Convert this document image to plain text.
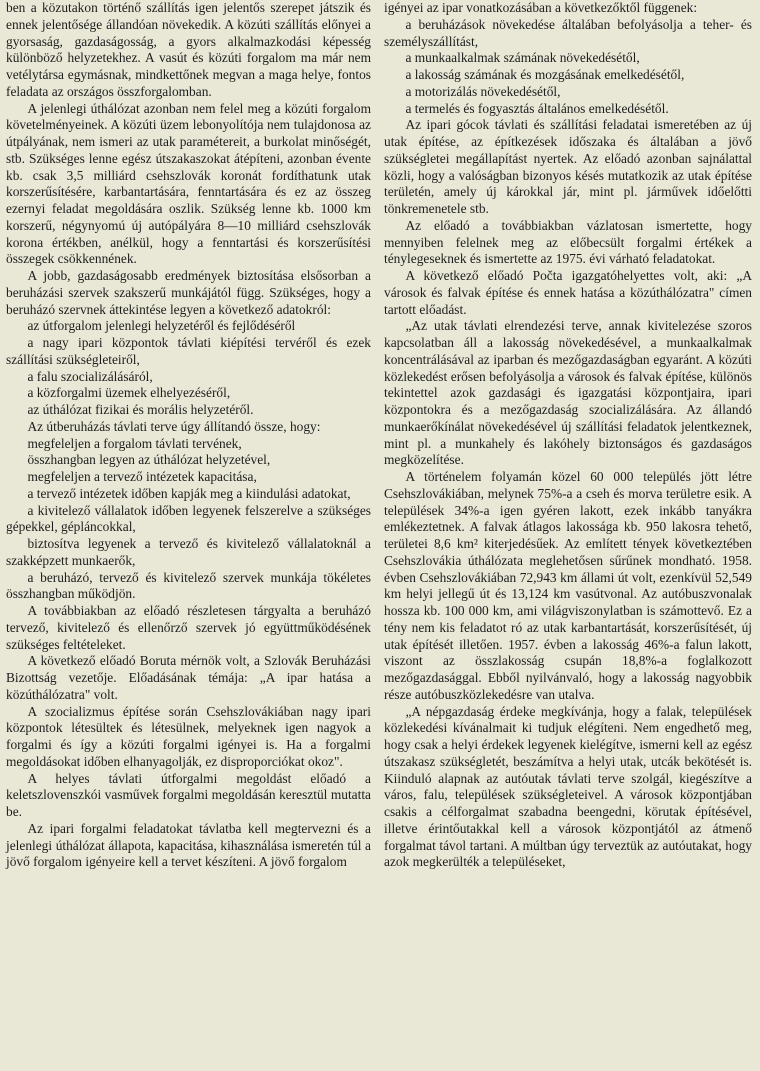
ben a közutakon történő szállítás igen jelentős szerepet játszik és ennek jelentősége állandóan növekedik. A közúti szállítás előnyei a gyorsaság, gazdaságosság, a gyors alkalmazkodási képesség különböző helyzetekhez. A vasút és közúti forgalom ma már nem vetélytársa egymásnak, mindkettőnek megvan a maga helye, fontos feladata az országos összforgalomban.

A jelenlegi úthálózat azonban nem felel meg a közúti forgalom követelményeinek. A közúti üzem lebonyolítója nem tulajdonosa az útpályának, nem ismeri az utak paramétereit, a burkolat minőségét, stb. Szükséges lenne egész útszakaszokat átépíteni, azonban évente kb. csak 3,5 milliárd csehszlovák koronát fordíthatunk utak korszerűsítésére, karbantartására, fenntartására és ez az összeg ezernyi feladat megoldására oszlik. Szükség lenne kb. 1000 km korszerű, négynyomú új autópályára 8—10 milliárd csehszlovák korona értékben, anélkül, hogy a fenntartási és korszerűsítési összegek csökkennének.

A jobb, gazdaságosabb eredmények biztosítása elsősorban a beruházási szervek szakszerű munkájától függ. Szükséges, hogy a beruházó szervnek áttekintése legyen a következő adatokról:

az útforgalom jelenlegi helyzetéről és fejlődéséről

a nagy ipari központok távlati kiépítési tervéről és ezek szállítási szükségleteiről,

a falu szocializálásáról,

a közforgalmi üzemek elhelyezéséről,

az úthálózat fizikai és morális helyzetéről.

Az útberuházás távlati terve úgy állítandó össze, hogy:

megfeleljen a forgalom távlati tervének,

összhangban legyen az úthálózat helyzetével,

megfeleljen a tervező intézetek kapacitása,

a tervező intézetek időben kapják meg a kiindulási adatokat,

a kivitelező vállalatok időben legyenek felszerelve a szükséges gépekkel, gépláncokkal,

biztosítva legyenek a tervező és kivitelező vállalatoknál a szakképzett munkaerők,

a beruházó, tervező és kivitelező szervek munkája tökéletes összhangban működjön.

A továbbiakban az előadó részletesen tárgyalta a beruházó tervező, kivitelező és ellenőrző szervek jó együttműködésének szükséges feltételeket.

A következő előadó Boruta mérnök volt, a Szlovák Beruházási Bizottság vezetője. Előadásának témája: „A ipar hatása a közúthálózatra" volt.

A szocializmus építése során Csehszlovákiában nagy ipari központok létesültek és létesülnek, melyeknek igen nagyok a forgalmi és így a közúti forgalmi igényei is. Ha a forgalmi megoldásokat időben elhanyagolják, ez disproporciókat okoz".

A helyes távlati útforgalmi megoldást előadó a keletszlovenszkói vasművek forgalmi megoldásán keresztül mutatta be.

Az ipari forgalmi feladatokat távlatba kell megtervezni és a jelenlegi úthálózat állapota, kapacitása, kihasználása ismeretén túl a jövő forgalom igényeire kell a tervet készíteni. A jövő forgalom

igényei az ipar vonatkozásában a következőktől függenek:

a beruházások növekedése általában befolyásolja a teher- és személyszállítást,

a munkaalkalmak számának növekedésétől,

a lakosság számának és mozgásának emelkedésétől,

a motorizálás növekedésétől,

a termelés és fogyasztás általános emelkedésétől.

Az ipari gócok távlati és szállítási feladatai ismeretében az új utak építése, az építkezések időszaka és általában a jövő szükségletei megállapítást nyertek. Az előadó azonban sajnálattal közli, hogy a valóságban bizonyos késés mutatkozik az utak építése területén, amely új károkkal jár, mint pl. járművek időelőtti tönkremenetele stb.

Az előadó a továbbiakban vázlatosan ismertette, hogy mennyiben felelnek meg az előbecsült forgalmi értékek a ténylegeseknek és ismertette az 1975. évi várható feladatokat.

A következő előadó Počta igazgatóhelyettes volt, aki: „A városok és falvak építése és ennek hatása a közúthálózatra" címen tartott előadást.

„Az utak távlati elrendezési terve, annak kivitelezése szoros kapcsolatban áll a lakosság növekedésével, a munkaalkalmak koncentrálásával az iparban és mezőgazdaságban egyaránt. A közúti közlekedést erősen befolyásolja a városok és falvak építése, különös tekintettel azok gazdasági és igazgatási központjaira, ipari központokra és a mezőgazdaság szocializálására. Az állandó munkaerőkínálat növekedésével új szállítási feladatok jelentkeznek, mint pl. a munkahely és lakóhely biztonságos és gazdaságos megközelítése.

A történelem folyamán közel 60 000 település jött létre Csehszlovákiában, melynek 75%-a a cseh és morva területre esik. A települések 34%-a igen gyéren lakott, ezek inkább tanyákra emlékeztetnek. A falvak átlagos lakossága kb. 950 lakosra tehető, területei 8,6 km² kiterjedésűek. Az említett tények következtében Csehszlovákia úthálózata meglehetősen sűrűnek mondható. 1958. évben Csehszlovákiában 72,943 km állami út volt, ezenkívül 52,549 km helyi jellegű út és 13,124 km vasútvonal. Az autóbuszvonalak hossza kb. 100 000 km, ami világviszonylatban is számottevő. Ez a tény nem kis feladatot ró az utak karbantartását, korszerűsítését, új utak építését illetően. 1957. évben a lakosság 46%-a falun lakott, viszont az összlakosság csupán 18,8%-a foglalkozott mezőgazdasággal. Ebből nyilvánvaló, hogy a lakosság nagyobbik része autóbuszközlekedésre van utalva.

„A népgazdaság érdeke megkívánja, hogy a falak, települések közlekedési kívánalmait ki tudjuk elégíteni. Nem engedhető meg, hogy csak a helyi érdekek legyenek kielégítve, ismerni kell az egész útszakasz szükségletét, beszámítva a helyi utak, utcák bekötését is. Kiinduló alapnak az autóutak távlati terve szolgál, kiegészítve a város, falu, települések szükségleteivel. A városok központjában csakis a célforgalmat szabadna beengedni, körutak építésével, illetve érintőutakkal kell a városok központjától az átmenő forgalmat távol tartani. A múltban úgy terveztük az autóutakat, hogy azok megkerülték a településeket,
